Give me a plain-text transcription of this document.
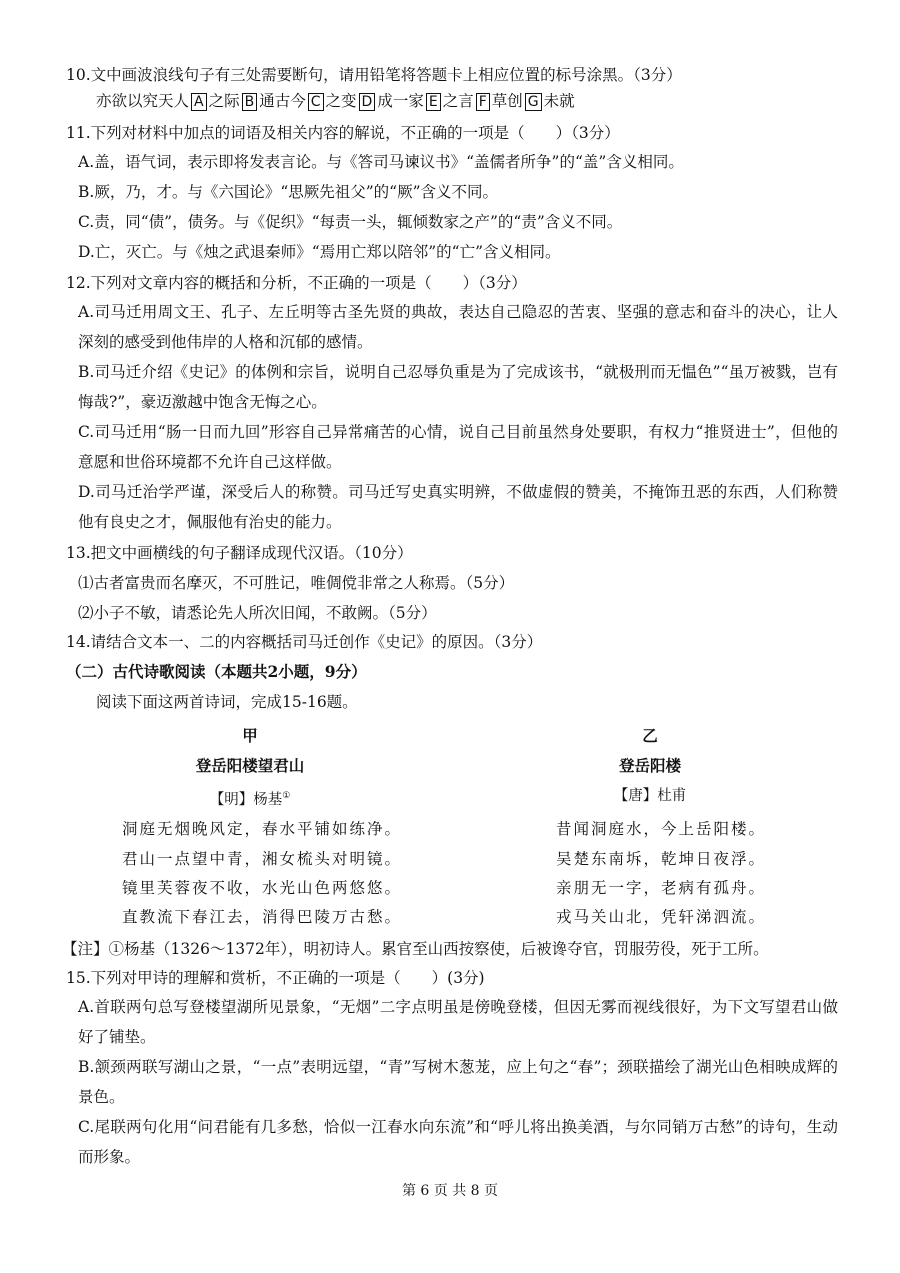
10.文中画波浪线句子有三处需要断句，请用铅笔将答题卡上相应位置的标号涂黑。（3分）
亦欲以究天人 A 之际 B 通古今 C 之变 D 成一家 E 之言 F 草创 G 未就
11.下列对材料中加点的词语及相关内容的解说，不正确的一项是（　　）（3分）
A.盖，语气词，表示即将发表言论。与《答司马谏议书》“盖儒者所争”的“盖”含义相同。
B.厥，乃，才。与《六国论》“思厥先祖父”的“厥”含义不同。
C.责，同“债”，债务。与《促织》“每责一头，辄倾数家之产”的“责”含义不同。
D.亡，灭亡。与《烛之武退秦师》“焉用亡郑以陪邻”的“亡”含义相同。
12.下列对文章内容的概括和分析，不正确的一项是（　　）（3分）
A.司马迁用周文王、孔子、左丘明等古圣先贤的典故，表达自己隐忍的苦衷、坚强的意志和奋斗的决心，让人深刻的感受到他伟岸的人格和沉郁的感情。
B.司马迁介绍《史记》的体例和宗旨，说明自己忍辱负重是为了完成该书，“就极刑而无愠色”“虽万被戮，岂有悔哉?”，豪迈激越中饱含无悔之心。
C.司马迁用“肠一日而九回”形容自己异常痛苦的心情，说自己目前虽然身处要职，有权力“推贤进士”，但他的意愿和世俗环境都不允许自己这样做。
D.司马迁治学严谨，深受后人的称赞。司马迁写史真实明辨，不做虚假的赞美，不掩饰丑恶的东西，人们称赞他有良史之才，佩服他有治史的能力。
13.把文中画横线的句子翻译成现代汉语。（10分）
⑴古者富贵而名摩灭，不可胜记，唯倜傥非常之人称焉。（5分）
⑵小子不敏，请悉论先人所次旧闻，不敢阙。（5分）
14.请结合文本一、二的内容概括司马迁创作《史记》的原因。（3分）
（二）古代诗歌阅读（本题共2小题，9分）
阅读下面这两首诗词，完成15-16题。
甲
登岳阳楼望君山
【明】杨基①
洞庭无烟晚风定，春水平铺如练净。
君山一点望中青，湘女梳头对明镜。
镜里芙蓉夜不收，水光山色两悠悠。
直教流下春江去，消得巴陵万古愁。
乙
登岳阳楼
【唐】杜甫
昔闻洞庭水，今上岳阳楼。
吴楚东南坼，乾坤日夜浮。
亲朋无一字，老病有孤舟。
戎马关山北，凭轩涕泗流。
【注】①杨基（1326～1372年），明初诗人。累官至山西按察使，后被谗夺官，罚服劳役，死于工所。
15.下列对甲诗的理解和赏析，不正确的一项是（　　）(3分)
A.首联两句总写登楼望湖所见景象，“无烟”二字点明虽是傍晚登楼，但因无雾而视线很好，为下文写望君山做好了铺垫。
B.颔颈两联写湖山之景，“一点”表明远望，“青”写树木葱茏，应上句之“春”；颈联描绘了湖光山色相映成辉的景色。
C.尾联两句化用“问君能有几多愁，恰似一江春水向东流”和“呼儿将出换美酒，与尔同销万古愁”的诗句，生动而形象。
第 6 页 共 8 页
